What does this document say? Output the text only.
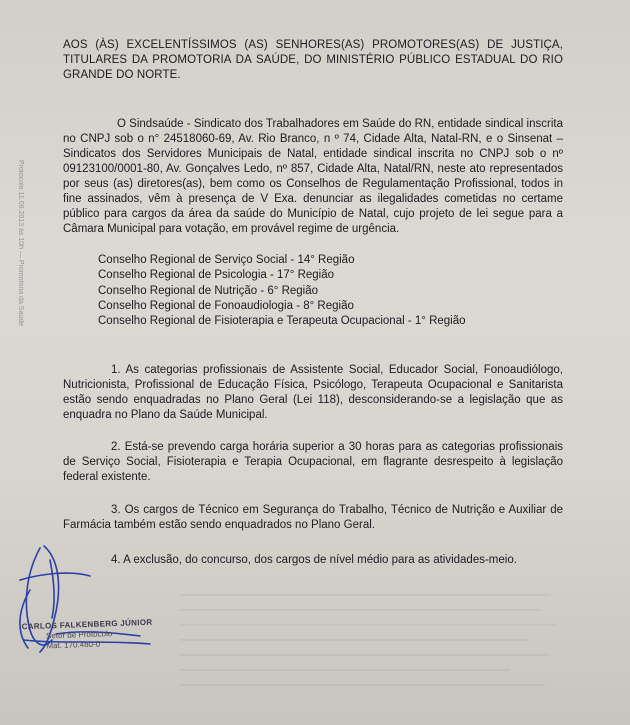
AOS (ÀS) EXCELENTÍSSIMOS (AS) SENHORES(AS) PROMOTORES(AS) DE JUSTIÇA, TITULARES DA PROMOTORIA DA SAÚDE, DO MINISTÉRIO PÚBLICO ESTADUAL DO RIO GRANDE DO NORTE.
O Sindsaúde - Sindicato dos Trabalhadores em Saúde do RN, entidade sindical inscrita no CNPJ sob o n° 24518060-69, Av. Rio Branco, n º 74, Cidade Alta, Natal-RN, e o Sinsenat – Sindicatos dos Servidores Municipais de Natal, entidade sindical inscrita no CNPJ sob o nº 09123100/0001-80, Av. Gonçalves Ledo, nº 857, Cidade Alta, Natal/RN, neste ato representados por seus (as) diretores(as), bem como os Conselhos de Regulamentação Profissional, todos in fine assinados, vêm à presença de V Exa. denunciar as ilegalidades cometidas no certame público para cargos da área da saúde do Município de Natal, cujo projeto de lei segue para a Câmara Municipal para votação, em provável regime de urgência.
Conselho Regional de Serviço Social - 14° Região
Conselho Regional de Psicologia - 17° Região
Conselho Regional de Nutrição - 6° Região
Conselho Regional de Fonoaudiologia - 8° Região
Conselho Regional de Fisioterapia e Terapeuta Ocupacional - 1° Região
1. As categorias profissionais de Assistente Social, Educador Social, Fonoaudiólogo, Nutricionista, Profissional de Educação Física, Psicólogo, Terapeuta Ocupacional e Sanitarista estão sendo enquadradas no Plano Geral (Lei 118), desconsiderando-se a legislação que as enquadra no Plano da Saúde Municipal.
2. Está-se prevendo carga horária superior a 30 horas para as categorias profissionais de Serviço Social, Fisioterapia e Terapia Ocupacional, em flagrante desrespeito à legislação federal existente.
3. Os cargos de Técnico em Segurança do Trabalho, Técnico de Nutrição e Auxiliar de Farmácia também estão sendo enquadrados no Plano Geral.
4. A exclusão, do concurso, dos cargos de nível médio para as atividades-meio.
Protocolo 11.09.2013 às 10h — Promotoria da Saúde
CARLOS FALKENBERG JÚNIOR
Setor de Protocolo
Mat. 170.480-0
